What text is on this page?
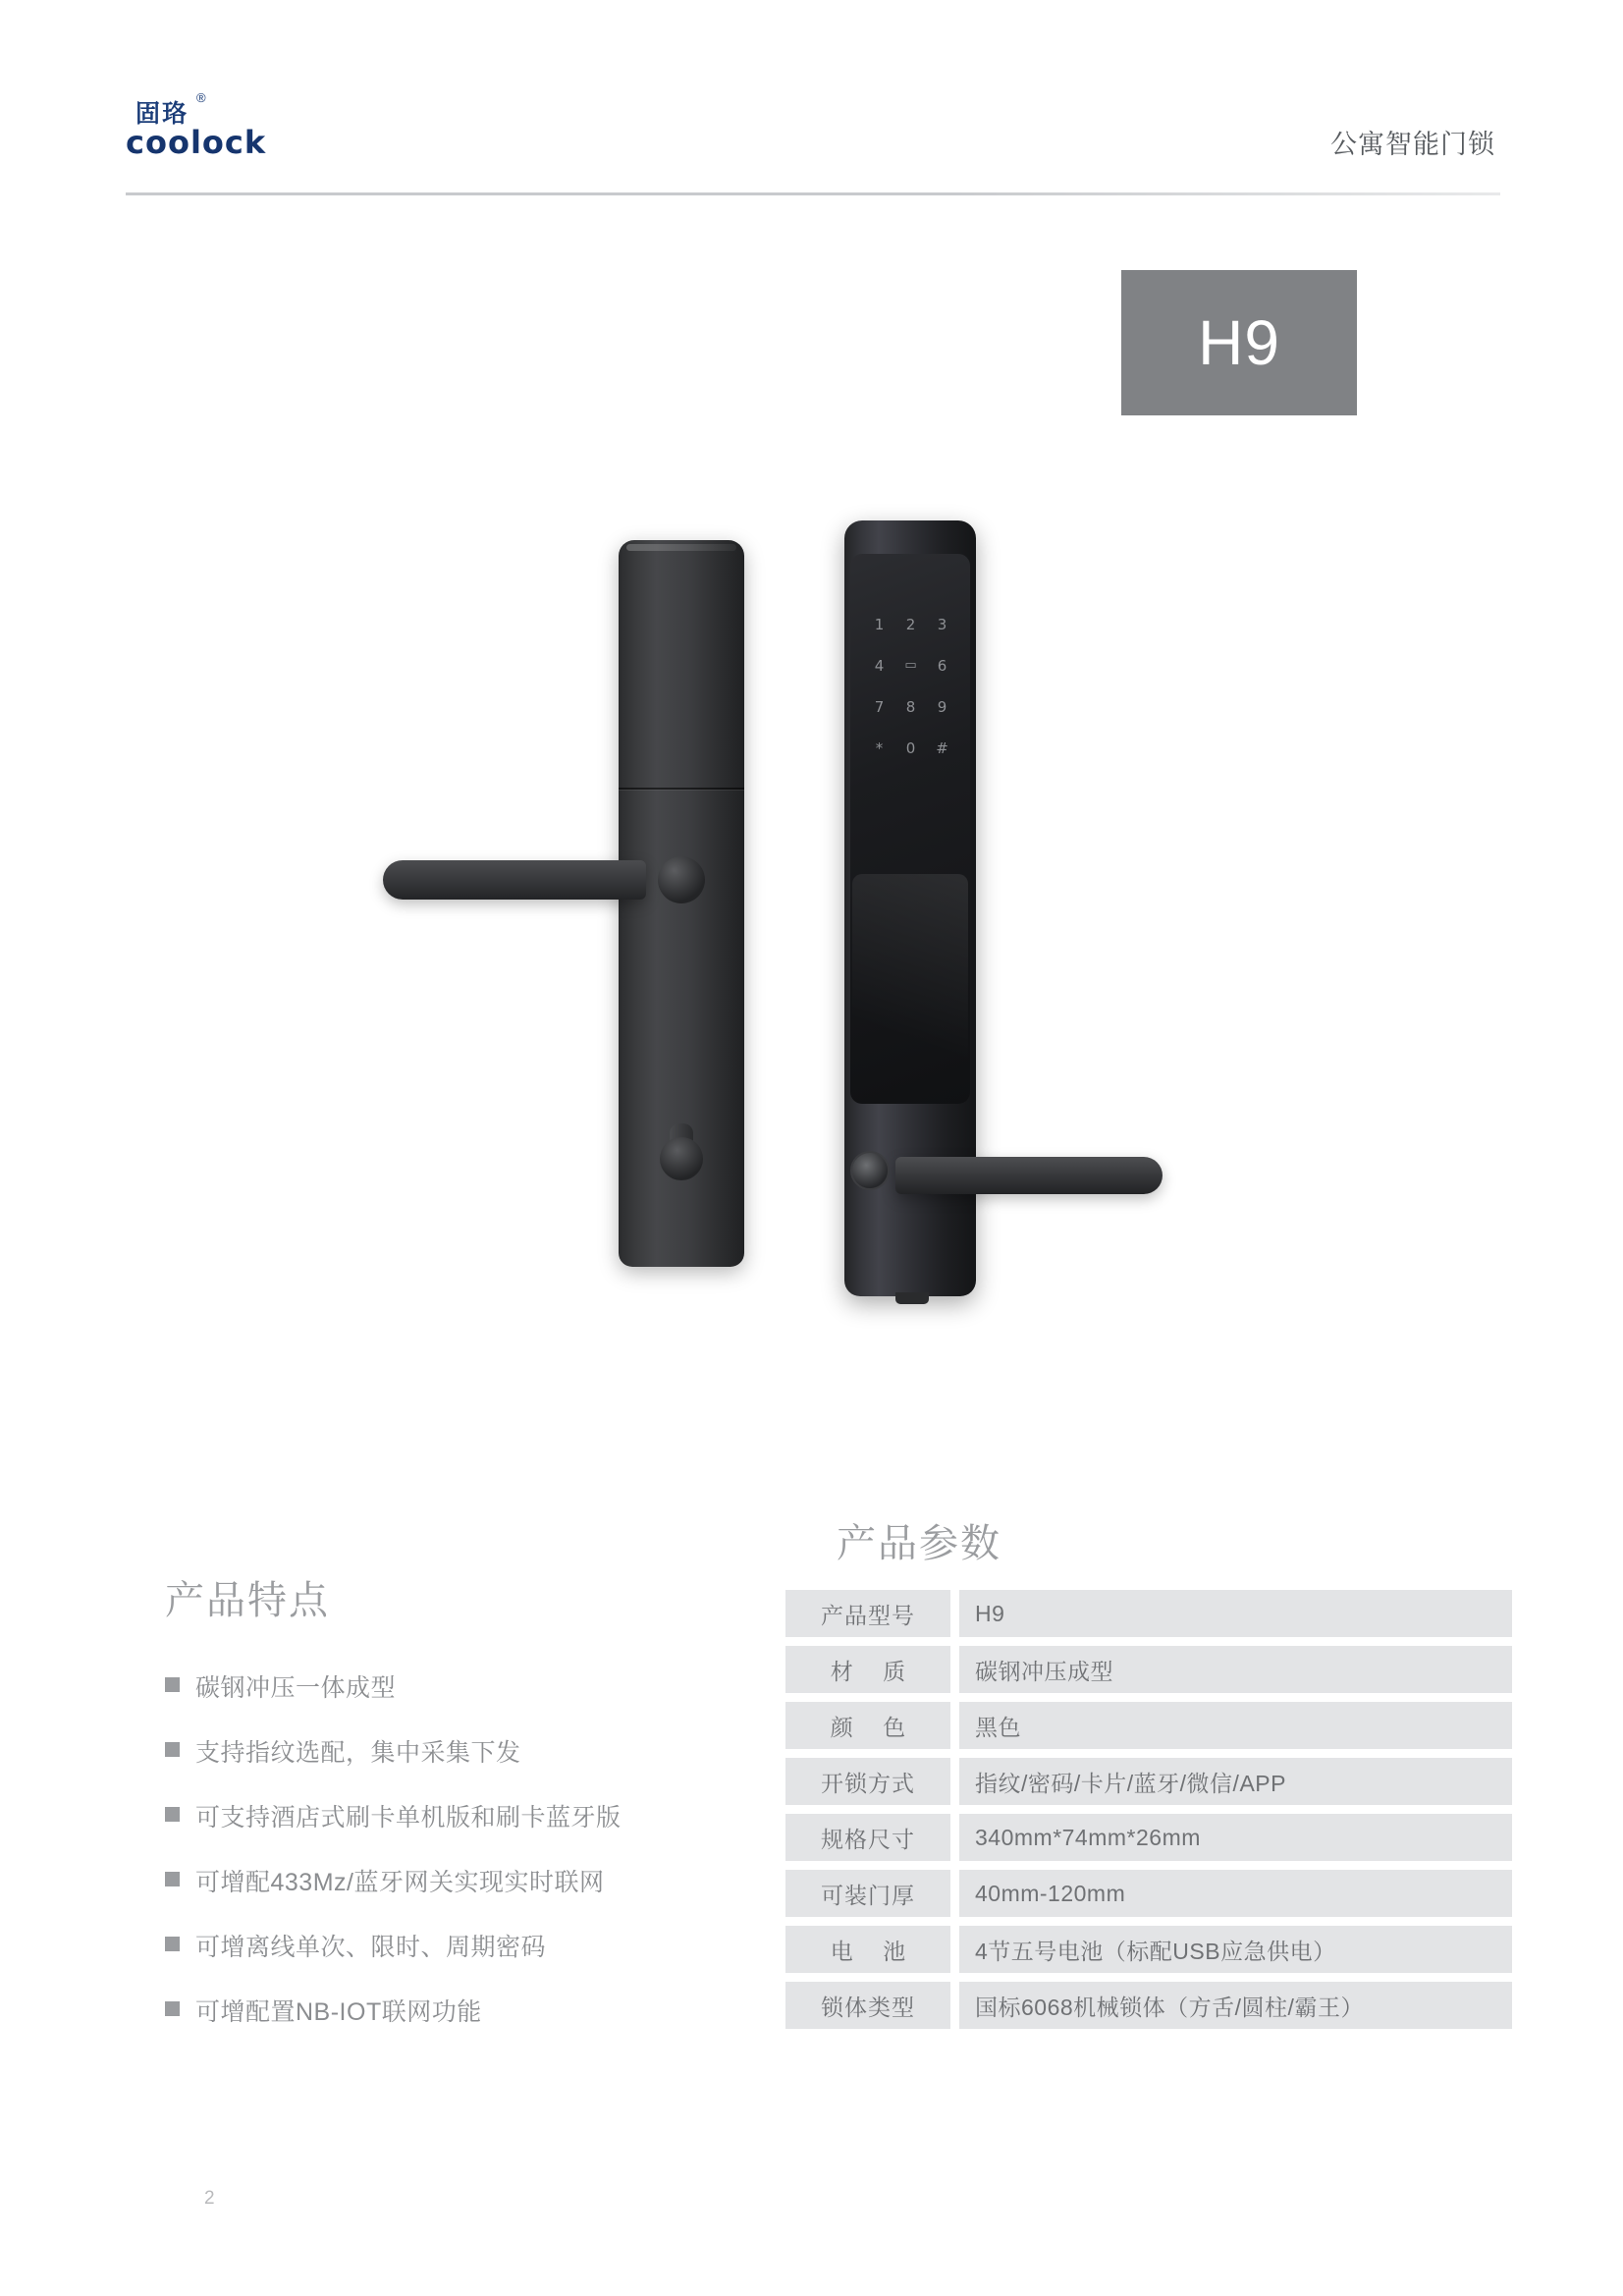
固珞
®
coolock	公寓智能门锁
H9
1	2	3
4	▭	6
7	8	9
*	0	#
产品特点
碳钢冲压一体成型
支持指纹选配，集中采集下发
可支持酒店式刷卡单机版和刷卡蓝牙版
可增配433Mz/蓝牙网关实现实时联网
可增离线单次、限时、周期密码
可增配置NB-IOT联网功能
产品参数
产品型号	H9
材 质	碳钢冲压成型
颜 色	黑色
开锁方式	指纹/密码/卡片/蓝牙/微信/APP
规格尺寸	340mm*74mm*26mm
可装门厚	40mm-120mm
电 池	4节五号电池（标配USB应急供电）
锁体类型	国标6068机械锁体（方舌/圆柱/霸王）
2
